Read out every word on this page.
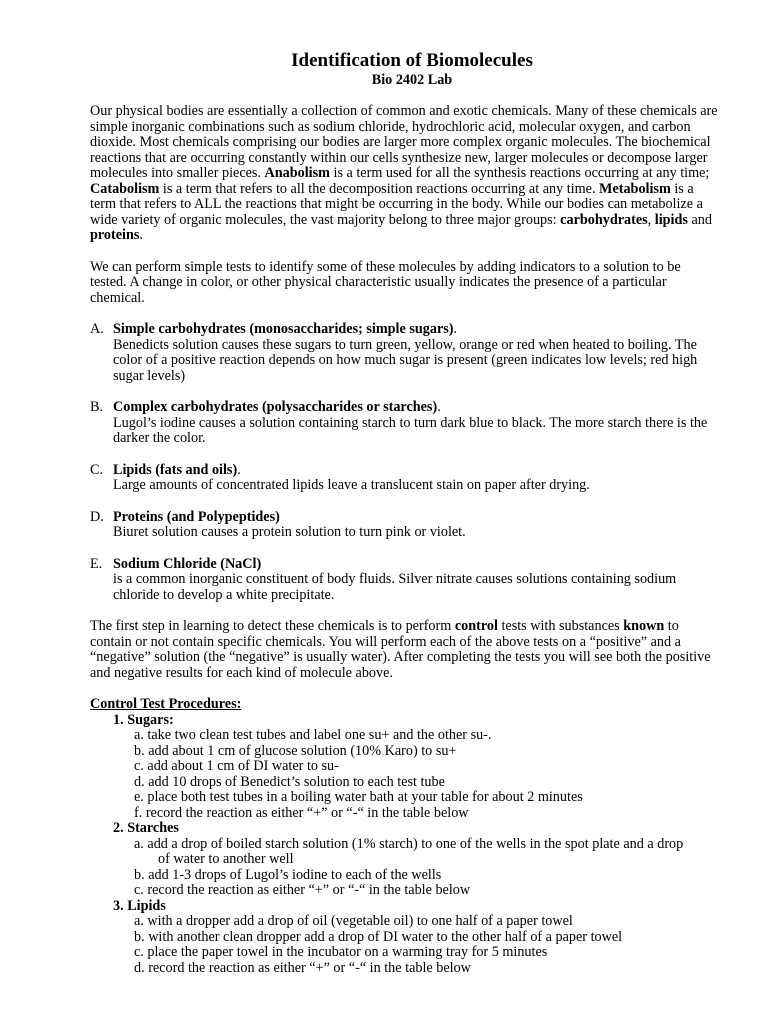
Identification of Biomolecules
Bio 2402 Lab

Our physical bodies are essentially a collection of common and exotic chemicals. Many of these chemicals are simple inorganic combinations such as sodium chloride, hydrochloric acid, molecular oxygen, and carbon dioxide. Most chemicals comprising our bodies are larger more complex organic molecules. The biochemical reactions that are occurring constantly within our cells synthesize new, larger molecules or decompose larger molecules into smaller pieces. Anabolism is a term used for all the synthesis reactions occurring at any time; Catabolism is a term that refers to all the decomposition reactions occurring at any time. Metabolism is a term that refers to ALL the reactions that might be occurring in the body. While our bodies can metabolize a wide variety of organic molecules, the vast majority belong to three major groups: carbohydrates, lipids and proteins.

We can perform simple tests to identify some of these molecules by adding indicators to a solution to be tested. A change in color, or other physical characteristic usually indicates the presence of a particular chemical.

A. Simple carbohydrates (monosaccharides; simple sugars).
Benedicts solution causes these sugars to turn green, yellow, orange or red when heated to boiling. The color of a positive reaction depends on how much sugar is present (green indicates low levels; red high sugar levels)
B. Complex carbohydrates (polysaccharides or starches).
Lugol’s iodine causes a solution containing starch to turn dark blue to black. The more starch there is the darker the color.
C. Lipids (fats and oils).
Large amounts of concentrated lipids leave a translucent stain on paper after drying.
D. Proteins (and Polypeptides)
Biuret solution causes a protein solution to turn pink or violet.
E. Sodium Chloride (NaCl)
is a common inorganic constituent of body fluids. Silver nitrate causes solutions containing sodium chloride to develop a white precipitate.

The first step in learning to detect these chemicals is to perform control tests with substances known to contain or not contain specific chemicals. You will perform each of the above tests on a “positive” and a “negative” solution (the “negative” is usually water). After completing the tests you will see both the positive and negative results for each kind of molecule above.

Control Test Procedures:
1. Sugars:
a. take two clean test tubes and label one su+ and the other su-.
b. add about 1 cm of glucose solution (10% Karo) to su+
c. add about 1 cm of DI water to su-
d. add 10 drops of Benedict’s solution to each test tube
e. place both test tubes in a boiling water bath at your table for about 2 minutes
f. record the reaction as either “+” or “-“ in the table below
2. Starches
a. add a drop of boiled starch solution (1% starch) to one of the wells in the spot plate and a drop
of water to another well
b. add 1-3 drops of Lugol’s iodine to each of the wells
c. record the reaction as either “+” or “-“ in the table below
3. Lipids
a. with a dropper add a drop of oil (vegetable oil) to one half of a paper towel
b. with another clean dropper add a drop of DI water to the other half of a paper towel
c. place the paper towel in the incubator on a warming tray for 5 minutes
d. record the reaction as either “+” or “-“ in the table below
